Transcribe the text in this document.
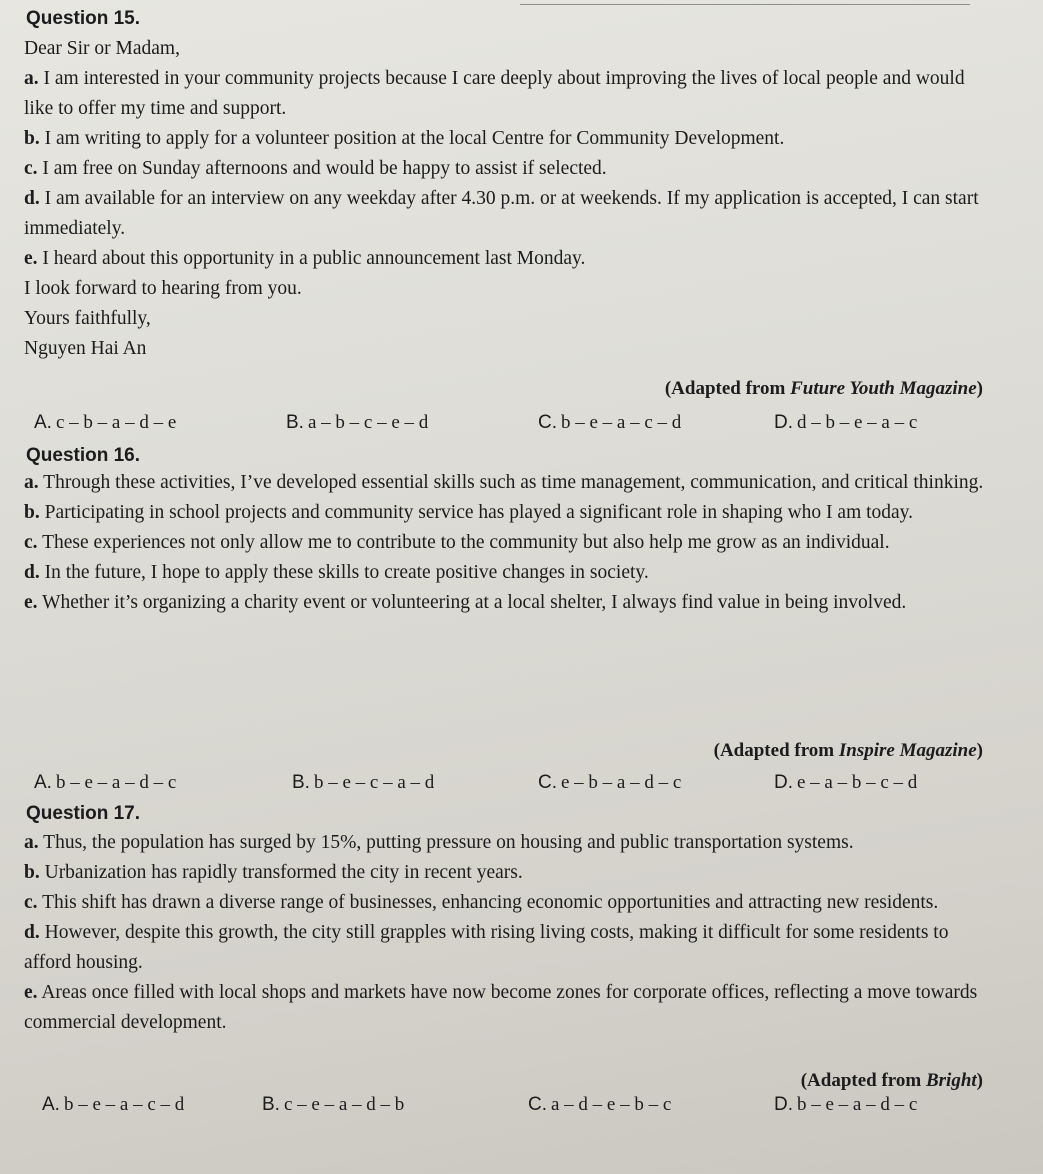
Question 15.

Dear Sir or Madam,

a. I am interested in your community projects because I care deeply about improving the lives of local people and would like to offer my time and support.

b. I am writing to apply for a volunteer position at the local Centre for Community Development.

c. I am free on Sunday afternoons and would be happy to assist if selected.

d. I am available for an interview on any weekday after 4.30 p.m. or at weekends. If my application is accepted, I can start immediately.

e. I heard about this opportunity in a public announcement last Monday.

I look forward to hearing from you.

Yours faithfully,

Nguyen Hai An

(Adapted from Future Youth Magazine)
A. c – b – a – d – e	B. a – b – c – e – d	C. b – e – a – c – d	D. d – b – e – a – c
Question 16.

a. Through these activities, I’ve developed essential skills such as time management, communication, and critical thinking.

b. Participating in school projects and community service has played a significant role in shaping who I am today.

c. These experiences not only allow me to contribute to the community but also help me grow as an individual.

d. In the future, I hope to apply these skills to create positive changes in society.

e. Whether it’s organizing a charity event or volunteering at a local shelter, I always find value in being involved.

(Adapted from Inspire Magazine)
A. b – e – a – d – c	B. b – e – c – a – d	C. e – b – a – d – c	D. e – a – b – c – d
Question 17.

a. Thus, the population has surged by 15%, putting pressure on housing and public transportation systems.

b. Urbanization has rapidly transformed the city in recent years.

c. This shift has drawn a diverse range of businesses, enhancing economic opportunities and attracting new residents.

d. However, despite this growth, the city still grapples with rising living costs, making it difficult for some residents to afford housing.

e. Areas once filled with local shops and markets have now become zones for corporate offices, reflecting a move towards commercial development.

(Adapted from Bright)
A. b – e – a – c – d	B. c – e – a – d – b	C. a – d – e – b – c	D. b – e – a – d – c
